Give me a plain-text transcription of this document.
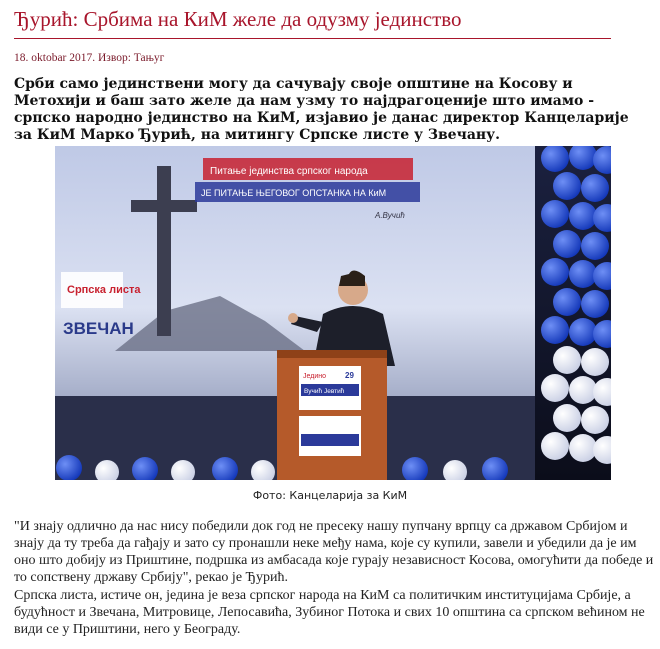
Ђурић: Србима на КиМ желе да одузму јединство
18. oktobar 2017. Извор: Тањуг
Срби само јединствени могу да сачувају своје општине на Косову и Метохији и баш зато желе да нам узму то најдрагоценије што имамо - српско народно јединство на КиМ, изјавио је данас директор Канцеларије за КиМ Марко Ђурић, на митингу Српске листе у Звечану.
Питање јединства српског народа
ЈЕ ПИТАЊЕ ЊЕГОВОГ ОПСТАНКА НА КиМ
А.Вучић
Српска листа
ЗВЕЧАН
Једино 29
Вучић Јевтић
Фото: Канцеларија за КиМ

"И знају одлично да нас нису победили док год не пресеку нашу пупчану врпцу са државом Србијом и знају да ту треба да гађају и зато су пронашли неке међу нама, које су купили, завели и убедили да је им оно што добију из Приштине, подршка из амбасада које гурају независност Косова, омогућити да победе и то сопствену државу Србију", рекао је Ђурић.

Српска листа, истиче он, једина је веза српског народа на КиМ са политичким институцијама Србије, а будућност и Звечана, Митровице, Лепосавића, Зубиног Потока и свих 10 општина са српском већином не види се у Приштини, него у Београду.
